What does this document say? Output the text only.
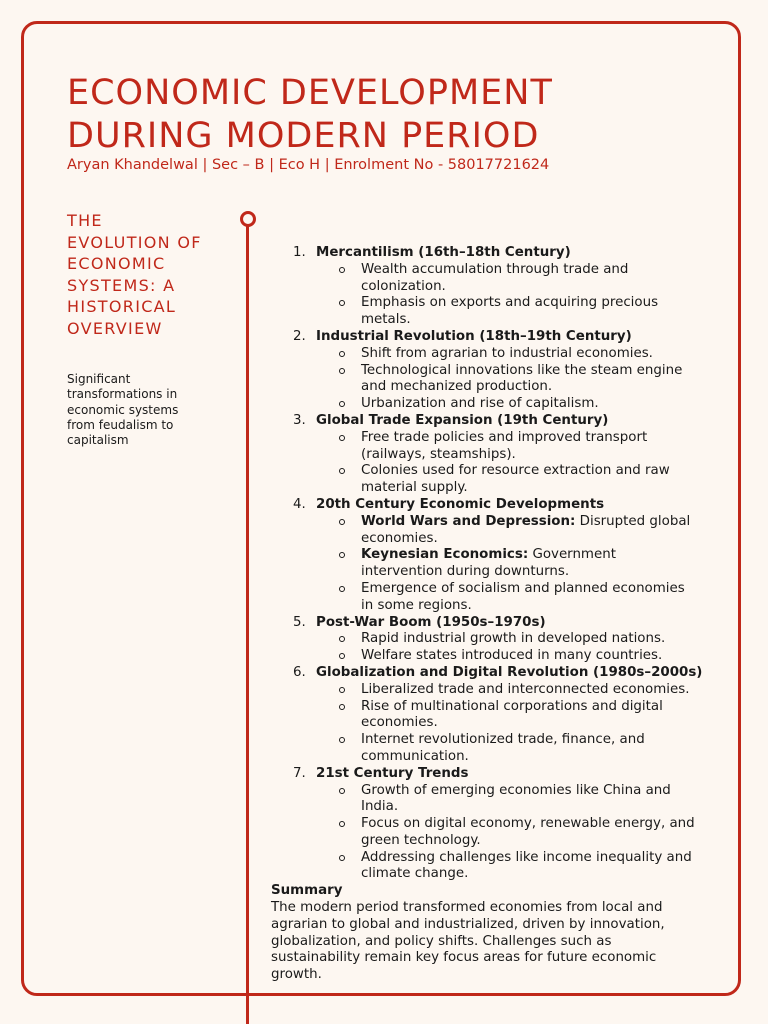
ECONOMIC DEVELOPMENT
DURING MODERN PERIOD

Aryan Khandelwal | Sec – B | Eco H | Enrolment No - 58017721624

THE
EVOLUTION OF
ECONOMIC
SYSTEMS: A
HISTORICAL
OVERVIEW

Significant transformations in economic systems from feudalism to capitalism

1. Mercantilism (16th–18th Century)
Wealth accumulation through trade and colonization.
Emphasis on exports and acquiring precious metals.
2. Industrial Revolution (18th–19th Century)
Shift from agrarian to industrial economies.
Technological innovations like the steam engine and mechanized production.
Urbanization and rise of capitalism.
3. Global Trade Expansion (19th Century)
Free trade policies and improved transport (railways, steamships).
Colonies used for resource extraction and raw material supply.
4. 20th Century Economic Developments
World Wars and Depression: Disrupted global economies.
Keynesian Economics: Government intervention during downturns.
Emergence of socialism and planned economies in some regions.
5. Post-War Boom (1950s–1970s)
Rapid industrial growth in developed nations.
Welfare states introduced in many countries.
6. Globalization and Digital Revolution (1980s–2000s)
Liberalized trade and interconnected economies.
Rise of multinational corporations and digital economies.
Internet revolutionized trade, finance, and communication.
7. 21st Century Trends
Growth of emerging economies like China and India.
Focus on digital economy, renewable energy, and green technology.
Addressing challenges like income inequality and climate change.
Summary
The modern period transformed economies from local and agrarian to global and industrialized, driven by innovation, globalization, and policy shifts. Challenges such as sustainability remain key focus areas for future economic growth.
